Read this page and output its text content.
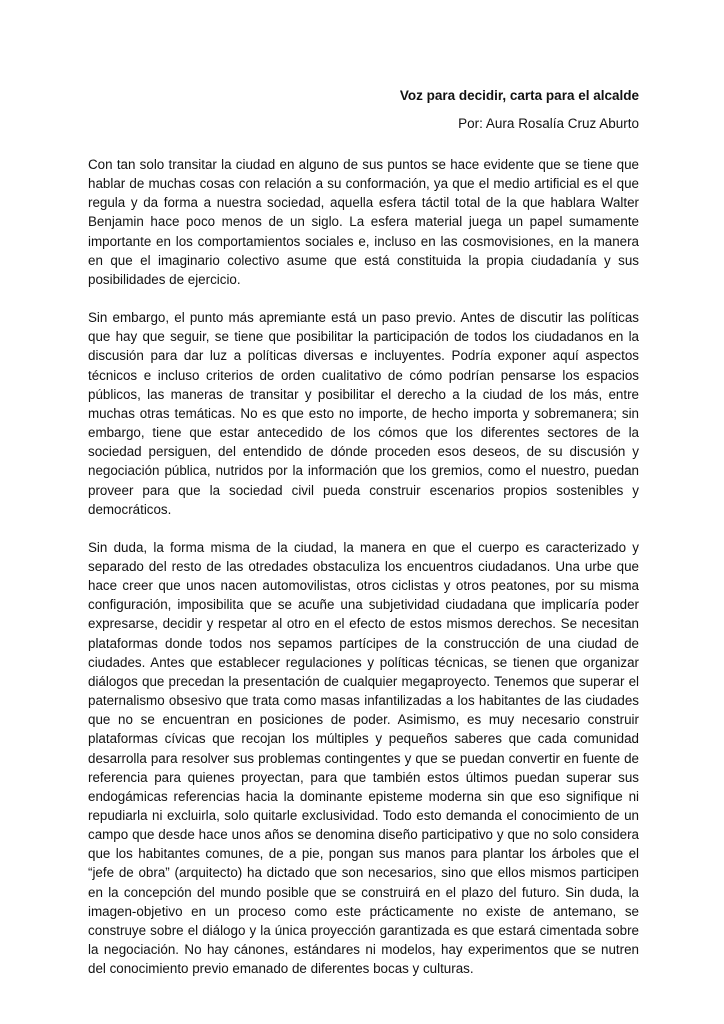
Voz para decidir, carta para el alcalde

Por: Aura Rosalía Cruz Aburto

Con tan solo transitar la ciudad en alguno de sus puntos se hace evidente que se tiene que hablar de muchas cosas con relación a su conformación, ya que el medio artificial es el que regula y da forma a nuestra sociedad, aquella esfera táctil total de la que hablara Walter Benjamin hace poco menos de un siglo. La esfera material juega un papel sumamente importante en los comportamientos sociales e, incluso en las cosmovisiones, en la manera en que el imaginario colectivo asume que está constituida la propia ciudadanía y sus posibilidades de ejercicio.

Sin embargo, el punto más apremiante está un paso previo. Antes de discutir las políticas que hay que seguir, se tiene que posibilitar la participación de todos los ciudadanos en la discusión para dar luz a políticas diversas e incluyentes. Podría exponer aquí aspectos técnicos e incluso criterios de orden cualitativo de cómo podrían pensarse los espacios públicos, las maneras de transitar y posibilitar el derecho a la ciudad de los más, entre muchas otras temáticas. No es que esto no importe, de hecho importa y sobremanera; sin embargo, tiene que estar antecedido de los cómos que los diferentes sectores de la sociedad persiguen, del entendido de dónde proceden esos deseos, de su discusión y negociación pública, nutridos por la información que los gremios, como el nuestro, puedan proveer para que la sociedad civil pueda construir escenarios propios sostenibles y democráticos.

Sin duda, la forma misma de la ciudad, la manera en que el cuerpo es caracterizado y separado del resto de las otredades obstaculiza los encuentros ciudadanos. Una urbe que hace creer que unos nacen automovilistas, otros ciclistas y otros peatones, por su misma configuración, imposibilita que se acuñe una subjetividad ciudadana que implicaría poder expresarse, decidir y respetar al otro en el efecto de estos mismos derechos. Se necesitan plataformas donde todos nos sepamos partícipes de la construcción de una ciudad de ciudades. Antes que establecer regulaciones y políticas técnicas, se tienen que organizar diálogos que precedan la presentación de cualquier megaproyecto. Tenemos que superar el paternalismo obsesivo que trata como masas infantilizadas a los habitantes de las ciudades que no se encuentran en posiciones de poder. Asimismo, es muy necesario construir plataformas cívicas que recojan los múltiples y pequeños saberes que cada comunidad desarrolla para resolver sus problemas contingentes y que se puedan convertir en fuente de referencia para quienes proyectan, para que también estos últimos puedan superar sus endogámicas referencias hacia la dominante episteme moderna sin que eso signifique ni repudiarla ni excluirla, solo quitarle exclusividad. Todo esto demanda el conocimiento de un campo que desde hace unos años se denomina diseño participativo y que no solo considera que los habitantes comunes, de a pie, pongan sus manos para plantar los árboles que el “jefe de obra” (arquitecto) ha dictado que son necesarios, sino que ellos mismos participen en la concepción del mundo posible que se construirá en el plazo del futuro. Sin duda, la imagen-objetivo en un proceso como este prácticamente no existe de antemano, se construye sobre el diálogo y la única proyección garantizada es que estará cimentada sobre la negociación. No hay cánones, estándares ni modelos, hay experimentos que se nutren del conocimiento previo emanado de diferentes bocas y culturas.
